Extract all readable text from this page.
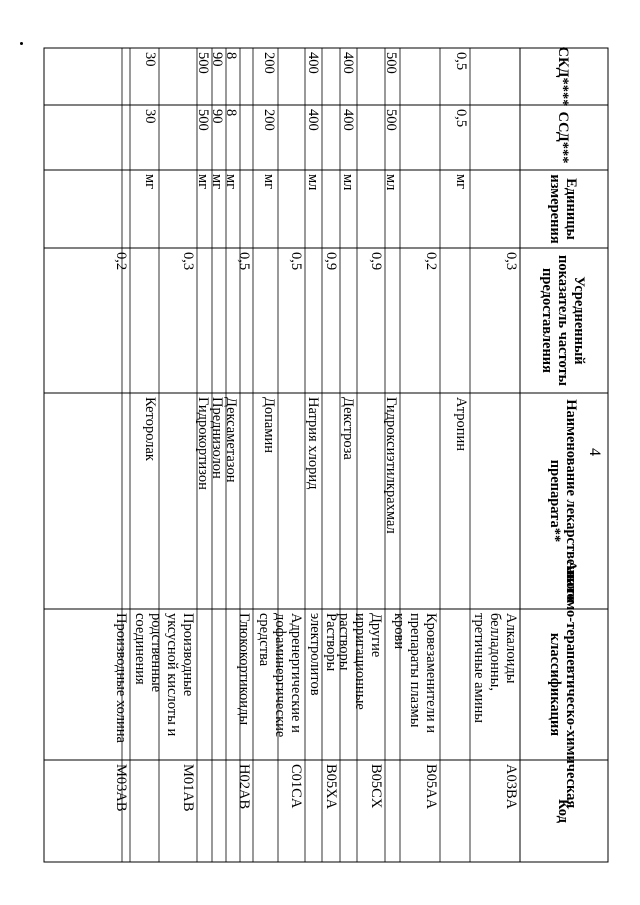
Код
Анатомо-терапевтическо-химическаяклассификация
Наименование лекарственногопрепарата**
Усредненныйпоказатель частотыпредоставления
Единицыизмерения
ССД***
СКД****
A03BA
Алкалоидыбелладонны,третичные амины
0,3
Атропин
мг
0,5
0,5
B05AA
Кровезаменители ипрепараты плазмыкрови
0,2
Гидроксиэтилкрахмал
мл
500
500
B05CX
Другиеирригационныерастворы
0,9
Декстроза
мл
400
400
B05XA
Растворыэлектролитов
0,9
Натрия хлорид
мл
400
400
C01CA
Адренергические идофаминергическиесредства
0,5
Допамин
мг
200
200
H02AB
Глюкокортикоиды
0,5
Дексаметазон
мг
8
8
Преднизолон
мг
90
90
Гидрокортизон
мг
500
500
M01AB
Производныеуксусной кислоты иродственныесоединения
0,3
Кеторолак
мг
30
30
M03AB
Производные холина
0,2
4
